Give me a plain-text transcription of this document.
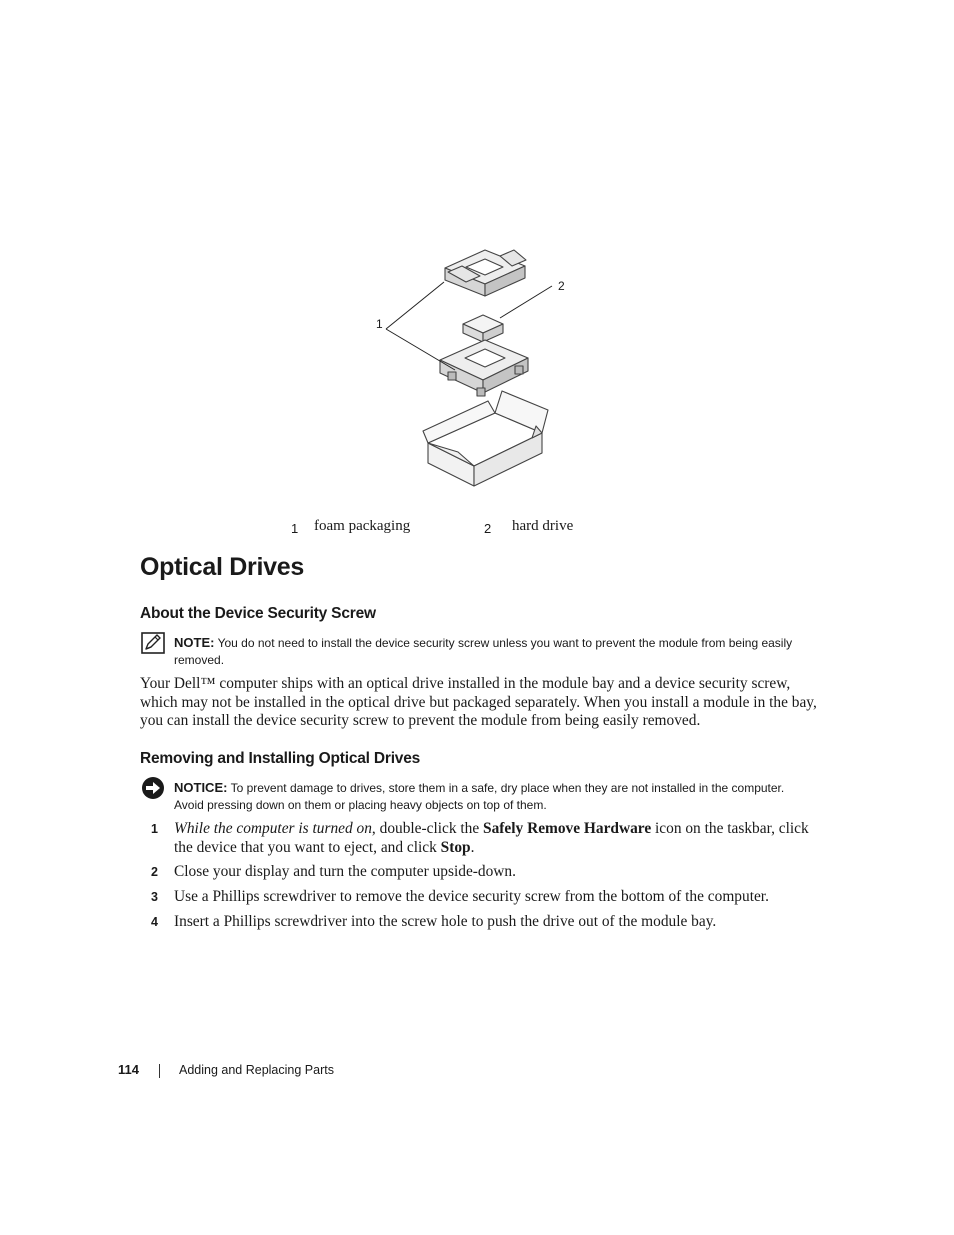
1
2
1 foam packaging	2 hard drive
Optical Drives
About the Device Security Screw
NOTE: You do not need to install the device security screw unless you want to prevent the module from being easily removed.

Your Dell™ computer ships with an optical drive installed in the module bay and a device security screw, which may not be installed in the optical drive but packaged separately. When you install a module in the bay, you can install the device security screw to prevent the module from being easily removed.

Removing and Installing Optical Drives
NOTICE: To prevent damage to drives, store them in a safe, dry place when they are not installed in the computer. Avoid pressing down on them or placing heavy objects on top of them.
1 While the computer is turned on, double-click the Safely Remove Hardware icon on the taskbar, click the device that you want to eject, and click Stop.

2 Close your display and turn the computer upside-down.

3 Use a Phillips screwdriver to remove the device security screw from the bottom of the computer.

4 Insert a Phillips screwdriver into the screw hole to push the drive out of the module bay.

114	Adding and Replacing Parts
